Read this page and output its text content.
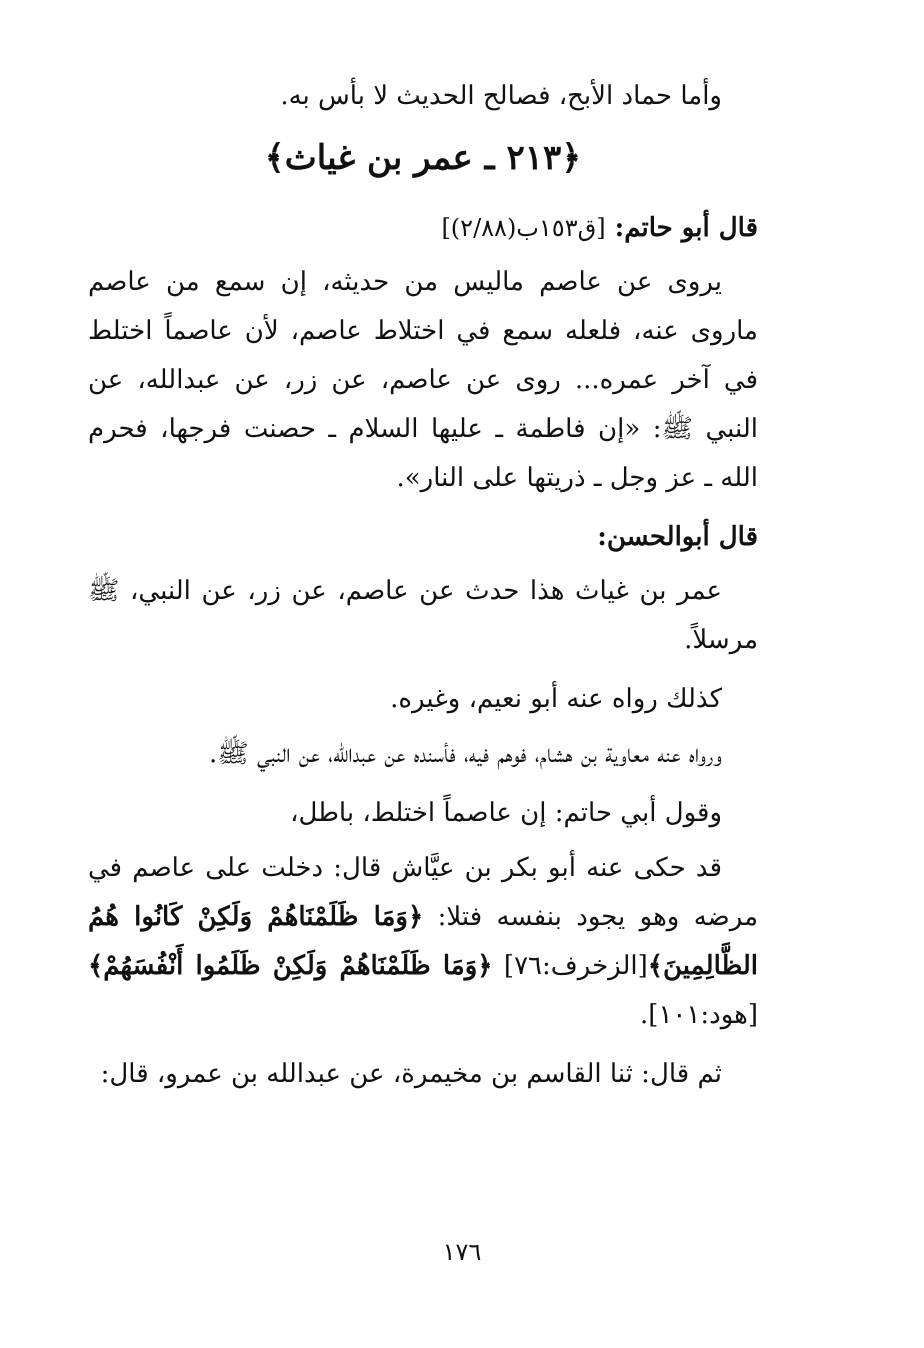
وأما حماد الأبح، فصالح الحديث لا بأس به.
﴿٢١٣ ـ عمر بن غياث﴾
قال أبو حاتم: [ق١٥٣ب(٢/٨٨)]
يروى عن عاصم ماليس من حديثه، إن سمع من عاصم ماروى عنه، فلعله سمع في اختلاط عاصم، لأن عاصماً اختلط في آخر عمره... روى عن عاصم، عن زر، عن عبدالله، عن النبي ﷺ: «إن فاطمة ـ عليها السلام ـ حصنت فرجها، فحرم الله ـ عز وجل ـ ذريتها على النار».
قال أبوالحسن:
عمر بن غياث هذا حدث عن عاصم، عن زر، عن النبي، ﷺ مرسلاً.
كذلك رواه عنه أبو نعيم، وغيره.
ورواه عنه معاوية بن هشام، فوهم فيه، فأسنده عن عبدالله، عن النبي ﷺ.
وقول أبي حاتم: إن عاصماً اختلط، باطل،
قد حكى عنه أبو بكر بن عيَّاش قال: دخلت على عاصم في مرضه وهو يجود بنفسه فتلا: ﴿وَمَا ظَلَمْنَاهُمْ وَلَكِنْ كَانُوا هُمُ الظَّالِمِينَ﴾[الزخرف:٧٦] ﴿وَمَا ظَلَمْنَاهُمْ وَلَكِنْ ظَلَمُوا أَنْفُسَهُمْ﴾[هود:١٠١].
ثم قال: ثنا القاسم بن مخيمرة، عن عبدالله بن عمرو، قال:
١٧٦
